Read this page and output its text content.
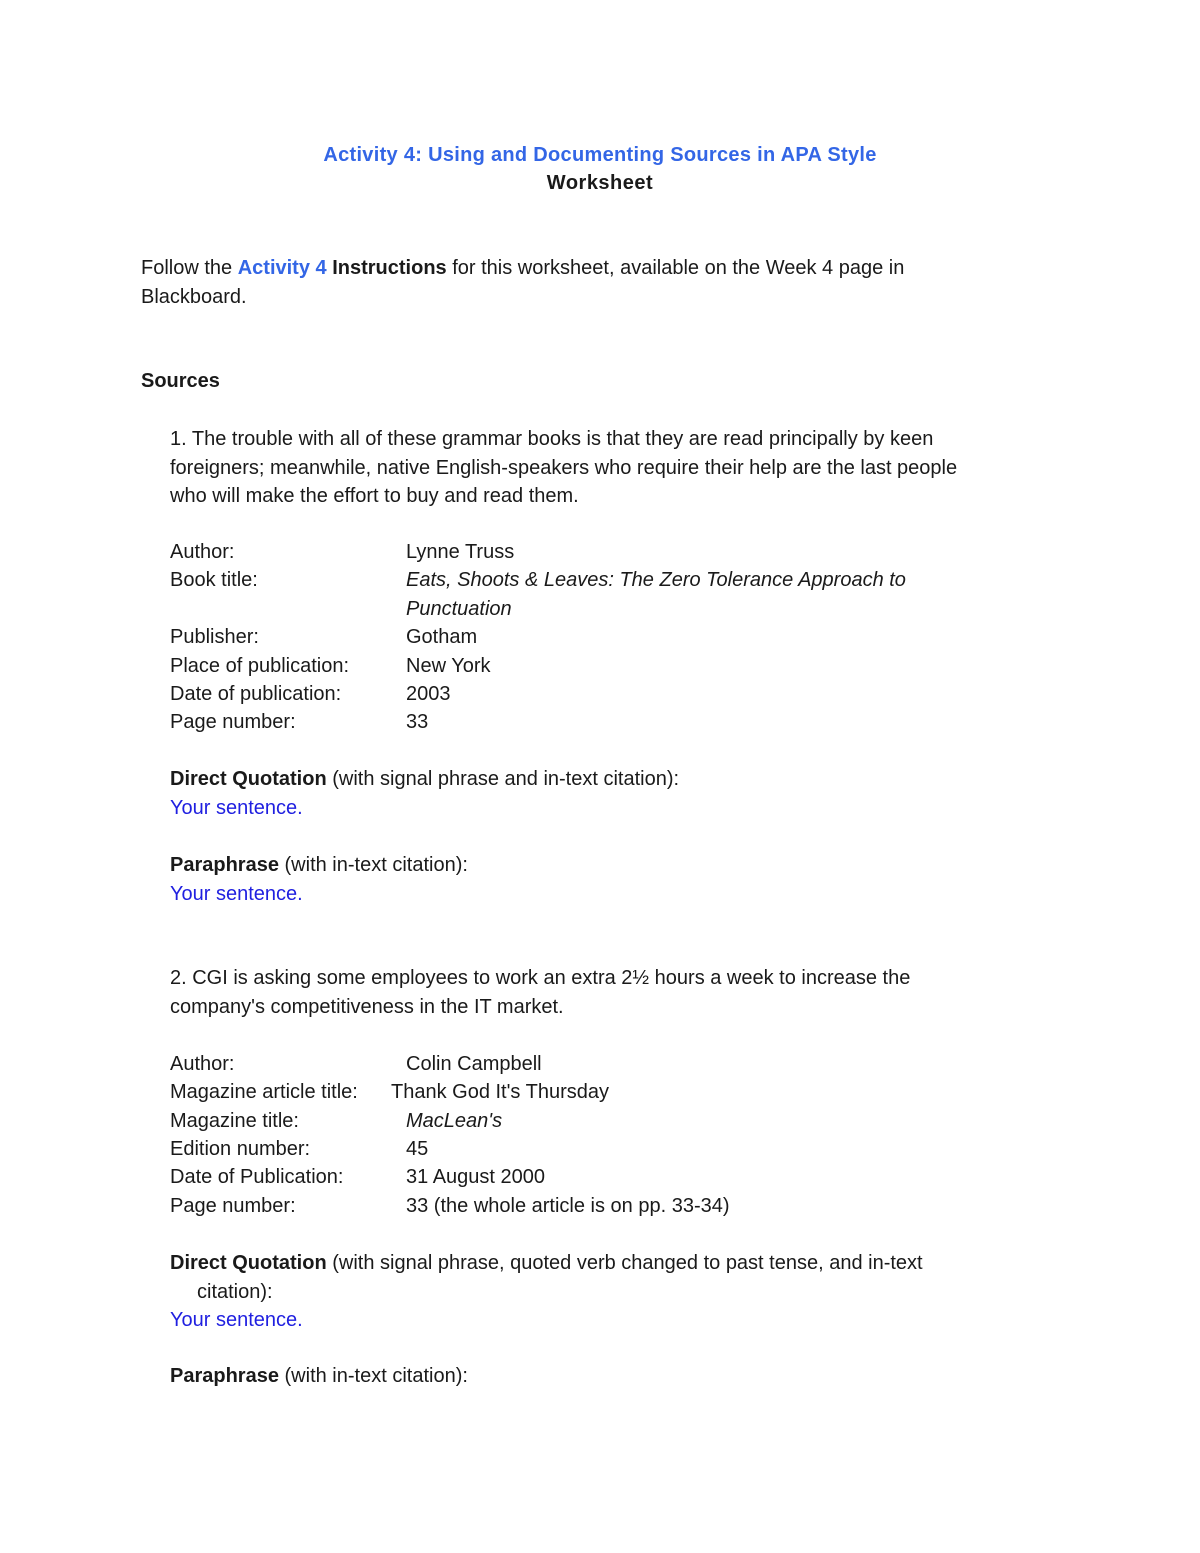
Activity 4: Using and Documenting Sources in APA Style
Worksheet
Follow the Activity 4 Instructions for this worksheet, available on the Week 4 page in
Blackboard.
Sources
1. The trouble with all of these grammar books is that they are read principally by keen
foreigners; meanwhile, native English-speakers who require their help are the last people
who will make the effort to buy and read them.
Author:	Lynne Truss
Book title:	Eats, Shoots & Leaves: The Zero Tolerance Approach to
Punctuation
Publisher:	Gotham
Place of publication:	New York
Date of publication:	2003
Page number:	33
Direct Quotation (with signal phrase and in-text citation):
Your sentence.
Paraphrase (with in-text citation):
Your sentence.
2. CGI is asking some employees to work an extra 2½ hours a week to increase the
company's competitiveness in the IT market.
Author:	Colin Campbell
Magazine article title: Thank God It's Thursday
Magazine title:	MacLean's
Edition number:	45
Date of Publication:	31 August 2000
Page number:	33 (the whole article is on pp. 33-34)
Direct Quotation (with signal phrase, quoted verb changed to past tense, and in-text
citation):
Your sentence.
Paraphrase (with in-text citation):
